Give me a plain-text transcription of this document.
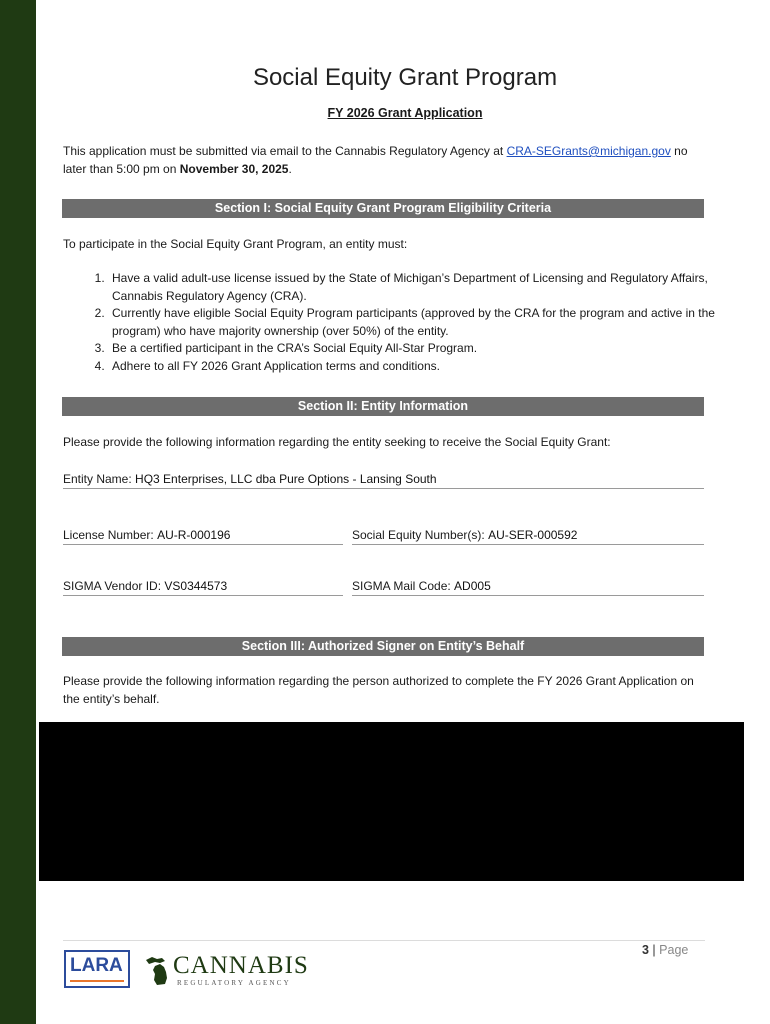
Social Equity Grant Program
FY 2026 Grant Application
This application must be submitted via email to the Cannabis Regulatory Agency at CRA-SEGrants@michigan.gov no later than 5:00 pm on November 30, 2025.
Section I: Social Equity Grant Program Eligibility Criteria
To participate in the Social Equity Grant Program, an entity must:
1. Have a valid adult-use license issued by the State of Michigan’s Department of Licensing and Regulatory Affairs, Cannabis Regulatory Agency (CRA).
2. Currently have eligible Social Equity Program participants (approved by the CRA for the program and active in the program) who have majority ownership (over 50%) of the entity.
3. Be a certified participant in the CRA’s Social Equity All-Star Program.
4. Adhere to all FY 2026 Grant Application terms and conditions.
Section II: Entity Information
Please provide the following information regarding the entity seeking to receive the Social Equity Grant:
Entity Name: HQ3 Enterprises, LLC dba Pure Options - Lansing South
License Number: AU-R-000196	Social Equity Number(s): AU-SER-000592
SIGMA Vendor ID: VS0344573	SIGMA Mail Code: AD005
Section III: Authorized Signer on Entity’s Behalf
Please provide the following information regarding the person authorized to complete the FY 2026 Grant Application on the entity’s behalf.
3 | Page
LARA CANNABIS
REGULATORY AGENCY
